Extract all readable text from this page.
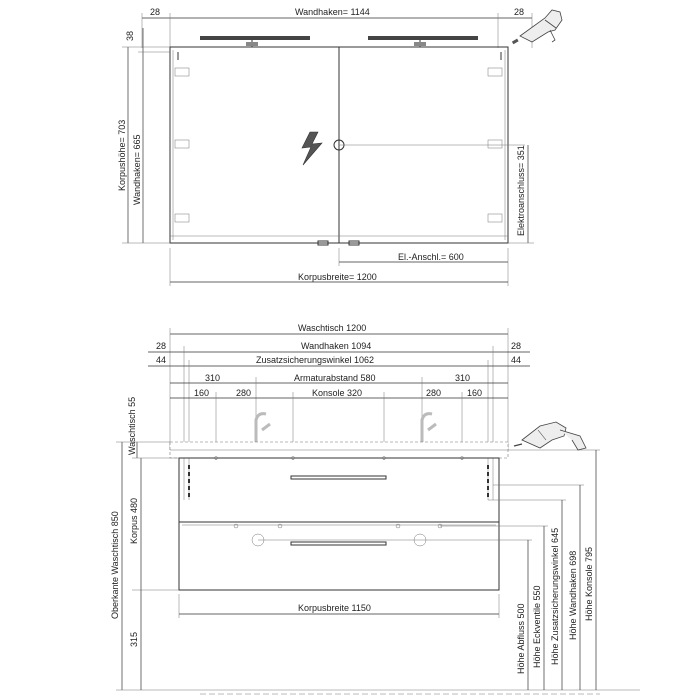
28	Wandhaken= 1144	28
38
Korpushöhe= 703 Wandhaken= 665	Elektroanschluss= 351
El.-Anschl.= 600
Korpusbreite= 1200
Waschtisch 1200
Wandhaken 1094
28	28
Zusatzsicherungswinkel 1062
44	44
310	Armaturabstand 580	310
160	280	Konsole 320	280	160
Waschtisch 55
Oberkante Waschtisch 850 Korpus 480
315
Korpusbreite 1150	Höhe Abfluss 500 Höhe Eckventile 550 Höhe Zusatzsicherungswinkel 645 Höhe Wandhaken 698 Höhe Konsole 795
